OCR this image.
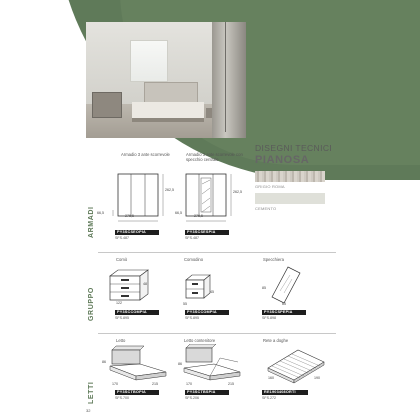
DISEGNI TECNICI
PIANOSA
GRIGIO ROMA
CEMENTO
ARMADI
Armadio 3 ante scorrevole
276,5
262,5
66,5
PY3SCSEOPIA
SFS.487
Armadio 3 ante scorrevole con specchio centrale
276,5
262,5
66,5
PY3SCSESPIA
SFS.487
GRUPPO
Comò
48
122
PY3SCCOMPIA
SFS.895
Comodino
55
45
PY3SCCOMPIA
SFS.895
Specchiera
85
65
PY3SCSPEPIA
SFS.898
LETTI
Letto
86
170	215
PY3SCTBOPIA
SFS.700
Letto contenitore
86
170	215
PY3SCTBSPIA
SFS.206
Rete a doghe
160	190
RE1903408ORTI
SFS.272
32
